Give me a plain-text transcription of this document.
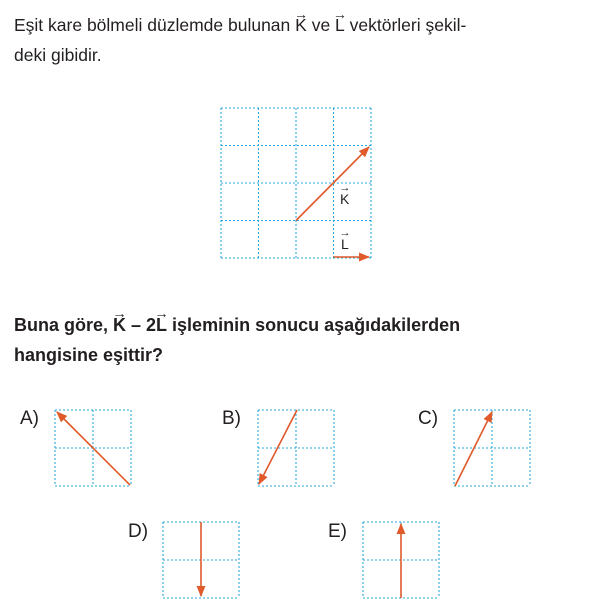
Eşit kare bölmeli düzlemde bulunan → K ve → L vektörleri şekil-
deki gibidir.
→ K
→ L
Buna göre, → K – 2→ L işleminin sonucu aşağıdakilerden
hangisine eşittir?
A)	B)	C)
D)	E)
